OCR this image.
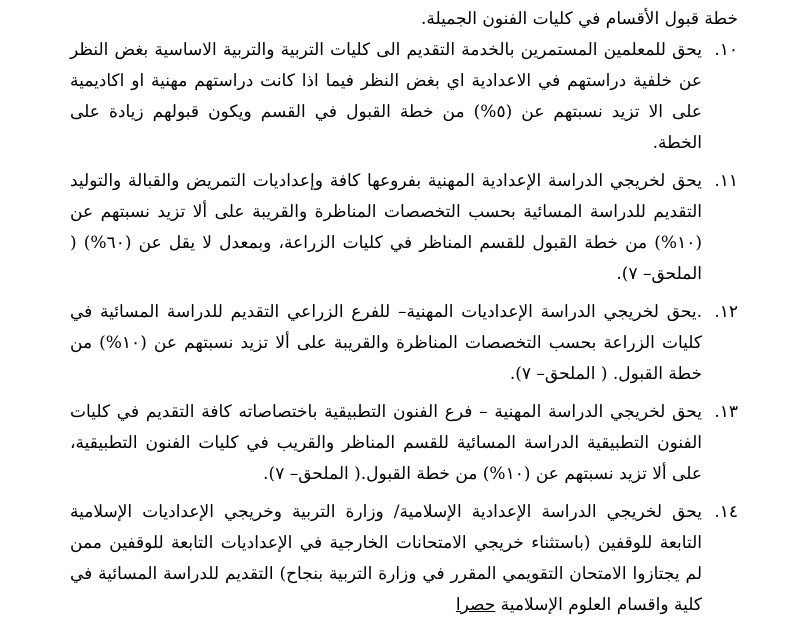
خطة قبول الأقسام في كليات الفنون الجميلة.

١٠.

يحق للمعلمين المستمرين بالخدمة التقديم الى كليات التربية والتربية الاساسية بغض النظر عن خلفية دراستهم في الاعدادية اي بغض النظر فيما اذا كانت دراستهم مهنية او اكاديمية على الا تزيد نسبتهم عن (٥%) من خطة القبول في القسم ويكون قبولهم زيادة على الخطة.

١١.

يحق لخريجي الدراسة الإعدادية المهنية بفروعها كافة وإعداديات التمريض والقبالة والتوليد التقديم للدراسة المسائية بحسب التخصصات المناظرة والقريبة على ألا تزيد نسبتهم عن (١٠%) من خطة القبول للقسم المناظر في كليات الزراعة، وبمعدل لا يقل عن (٦٠%) ( الملحق– ٧).

١٢.

.يحق لخريجي الدراسة الإعداديات المهنية– للفرع الزراعي التقديم للدراسة المسائية في كليات الزراعة بحسب التخصصات المناظرة والقريبة على ألا تزيد نسبتهم عن (١٠%) من خطة القبول. ( الملحق– ٧).

١٣.

يحق لخريجي الدراسة المهنية – فرع الفنون التطبيقية باختصاصاته كافة التقديم في كليات الفنون التطبيقية الدراسة المسائية للقسم المناظر والقريب في كليات الفنون التطبيقية، على ألا تزيد نسبتهم عن (١٠%) من خطة القبول.( الملحق– ٧).

١٤.

يحق لخريجي الدراسة الإعدادية الإسلامية/ وزارة التربية وخريجي الإعداديات الإسلامية التابعة للوقفين (باستثناء خريجي الامتحانات الخارجية في الإعداديات التابعة للوقفين ممن لم يجتازوا الامتحان التقويمي المقرر في وزارة التربية بنجاح) التقديم للدراسة المسائية في كلية واقسام العلوم الإسلامية حصرا
